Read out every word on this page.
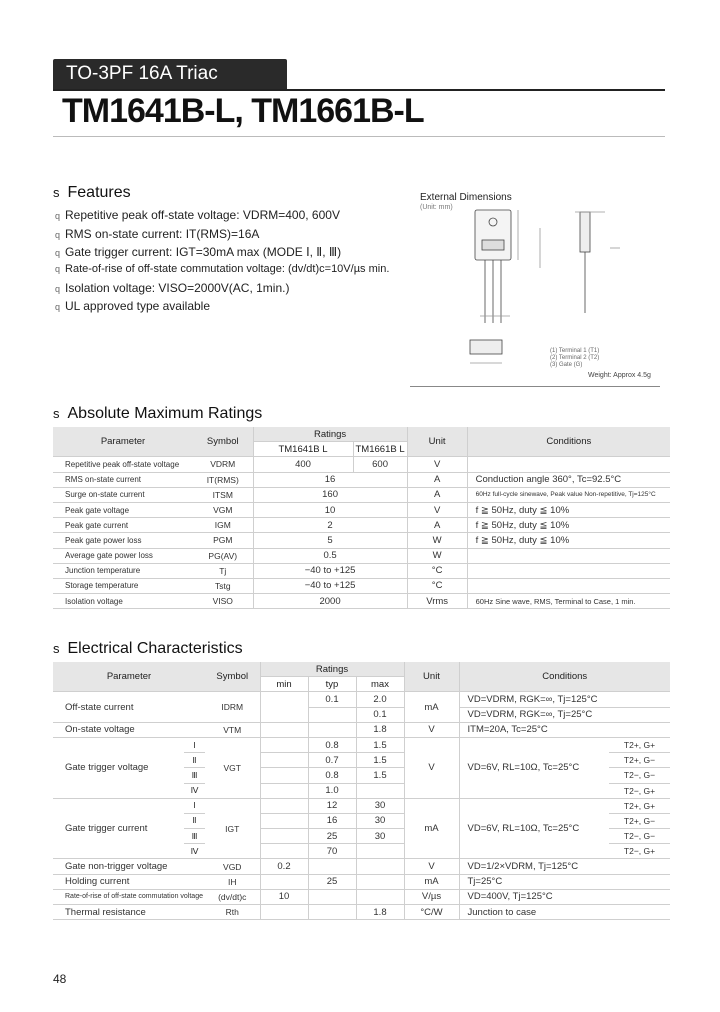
TO-3PF 16A Triac
TM1641B-L, TM1661B-L
s Features
q Repetitive peak off-state voltage: VDRM=400, 600V
q RMS on-state current: IT(RMS)=16A
q Gate trigger current: IGT=30mA max (MODE Ⅰ, Ⅱ, Ⅲ)
q Rate-of-rise of off-state commutation voltage: (dv/dt)c=10V/µs min.
q Isolation voltage: VISO=2000V(AC, 1min.)
q UL approved type available
External Dimensions
(Unit: mm)
(1) Terminal 1 (T1)
(2) Terminal 2 (T2)
(3) Gate (G)
Weight: Approx 4.5g
s Absolute Maximum Ratings
Parameter	Symbol	Ratings		Unit	Conditions
		TM1641B L	TM1661B L		
Repetitive peak off-state voltage	VDRM	400	600	V	
RMS on-state current	IT(RMS)	16		A	Conduction angle 360°, Tc=92.5°C
Surge on-state current	ITSM	160		A	60Hz full-cycle sinewave, Peak value Non-repetitive, Tj=125°C
Peak gate voltage	VGM	10		V	f ≧ 50Hz, duty ≦ 10%
Peak gate current	IGM	2		A	f ≧ 50Hz, duty ≦ 10%
Peak gate power loss	PGM	5		W	f ≧ 50Hz, duty ≦ 10%
Average gate power loss	PG(AV)	0.5		W	
Junction temperature	Tj	−40 to +125		°C	
Storage temperature	Tstg	−40 to +125		°C	
Isolation voltage	VISO	2000		Vrms	60Hz Sine wave, RMS, Terminal to Case, 1 min.
s Electrical Characteristics
Parameter		Symbol	Ratings			Unit	Conditions	
			min	typ	max			
Off-state current		IDRM		0.1	2.0	mA	VD=VDRM, RGK=∞, Tj=125°C	
					0.1		VD=VDRM, RGK=∞, Tj=25°C	
On-state voltage		VTM			1.8	V	ITM=20A, Tc=25°C	
Gate trigger voltage	Ⅰ	VGT		0.8	1.5	V	VD=6V, RL=10Ω, Tc=25°C	T2+, G+
	Ⅱ			0.7	1.5			T2+, G−
	Ⅲ			0.8	1.5			T2−, G−
	Ⅳ			1.0				T2−, G+
Gate trigger current	Ⅰ	IGT		12	30	mA	VD=6V, RL=10Ω, Tc=25°C	T2+, G+
	Ⅱ			16	30			T2+, G−
	Ⅲ			25	30			T2−, G−
	Ⅳ			70				T2−, G+
Gate non-trigger voltage		VGD	0.2			V	VD=1/2×VDRM, Tj=125°C	
Holding current		IH		25		mA	Tj=25°C	
Rate-of-rise of off-state commutation voltage		(dv/dt)c	10			V/µs	VD=400V, Tj=125°C	
Thermal resistance		Rth			1.8	°C/W	Junction to case	
48
